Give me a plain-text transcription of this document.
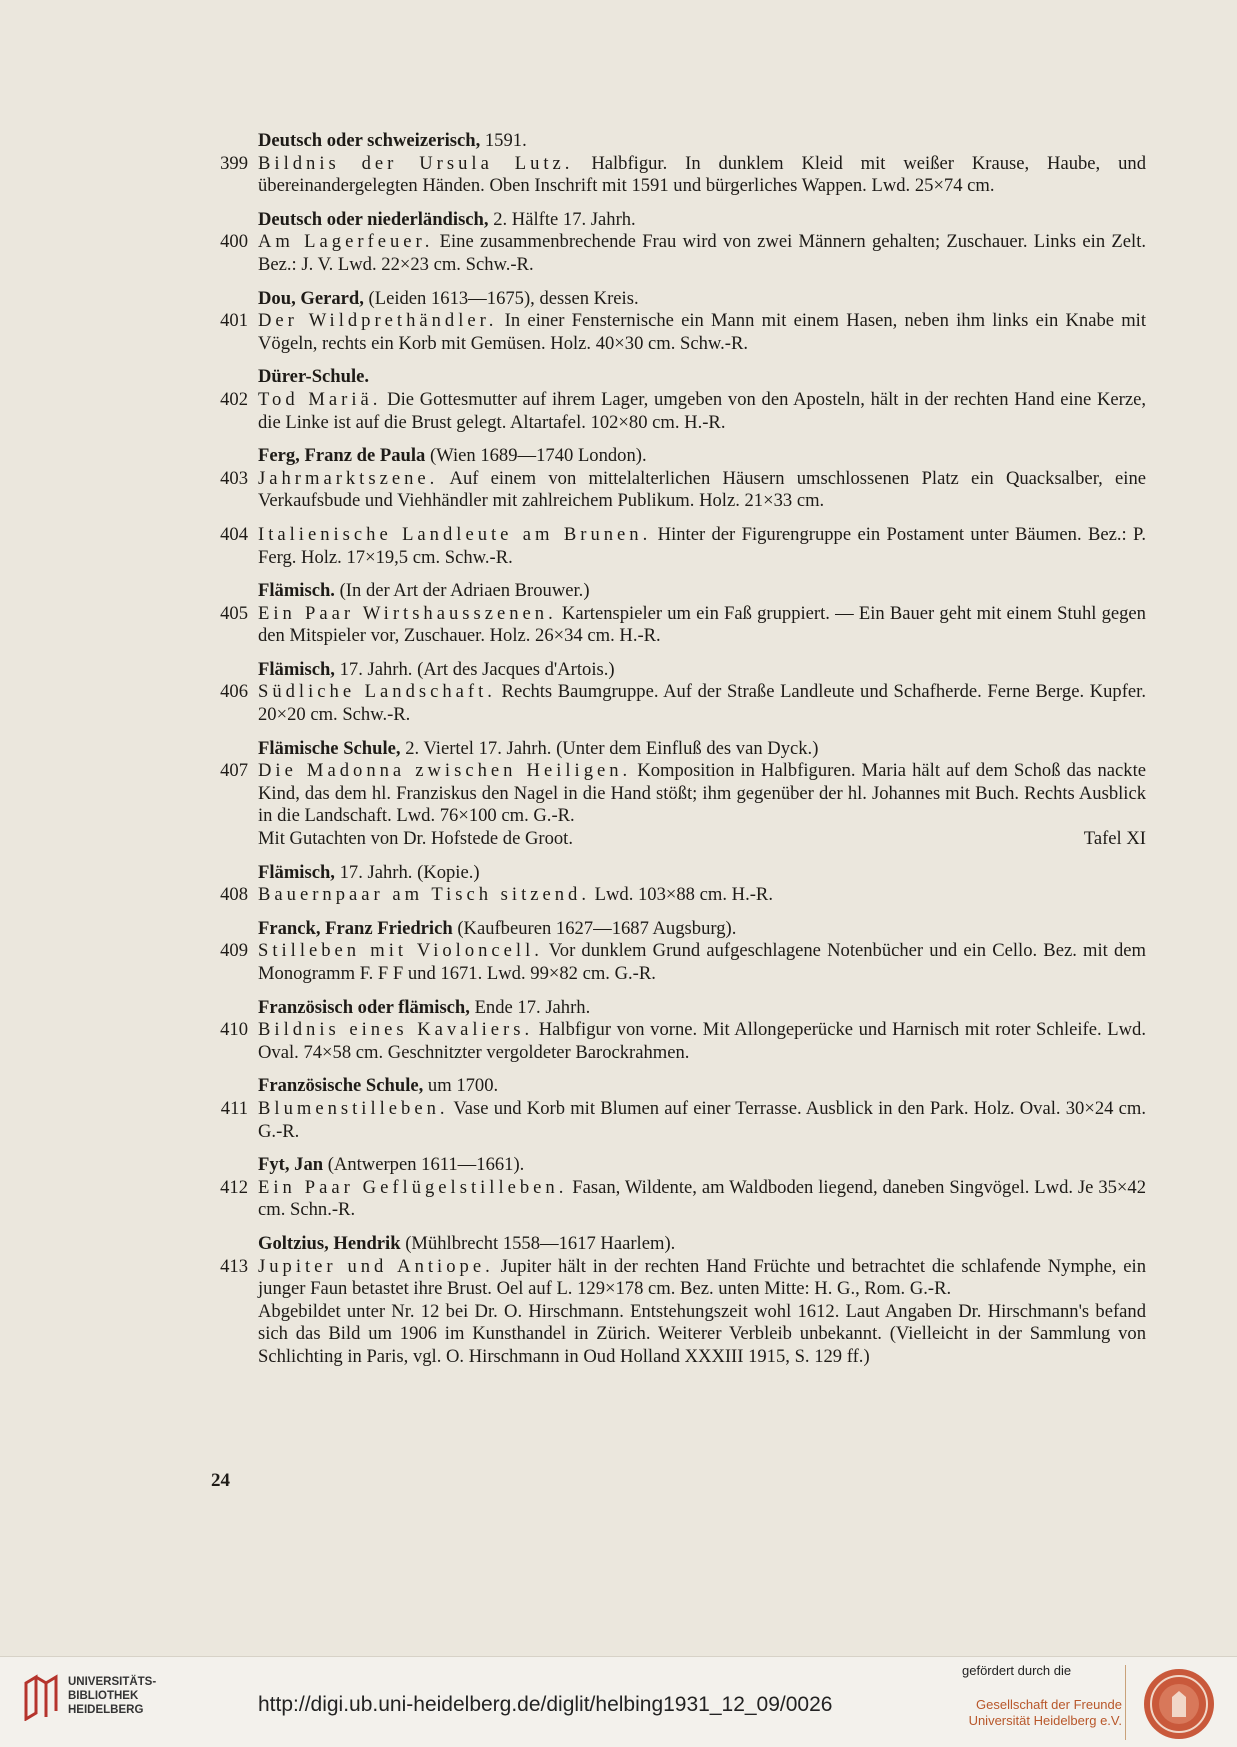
Deutsch oder schweizerisch, 1591.
399 Bildnis der Ursula Lutz. Halbfigur. In dunklem Kleid mit weißer Krause, Haube, und übereinandergelegten Händen. Oben Inschrift mit 1591 und bürgerliches Wappen. Lwd. 25×74 cm.
Deutsch oder niederländisch, 2. Hälfte 17. Jahrh.
400 Am Lagerfeuer. Eine zusammenbrechende Frau wird von zwei Männern gehalten; Zuschauer. Links ein Zelt. Bez.: J. V. Lwd. 22×23 cm. Schw.-R.
Dou, Gerard, (Leiden 1613—1675), dessen Kreis.
401 Der Wildprethändler. In einer Fensternische ein Mann mit einem Hasen, neben ihm links ein Knabe mit Vögeln, rechts ein Korb mit Gemüsen. Holz. 40×30 cm. Schw.-R.
Dürer-Schule.
402 Tod Mariä. Die Gottesmutter auf ihrem Lager, umgeben von den Aposteln, hält in der rechten Hand eine Kerze, die Linke ist auf die Brust gelegt. Altartafel. 102×80 cm. H.-R.
Ferg, Franz de Paula (Wien 1689—1740 London).
403 Jahrmarktszene. Auf einem von mittelalterlichen Häusern umschlossenen Platz ein Quacksalber, eine Verkaufsbude und Viehhändler mit zahlreichem Publikum. Holz. 21×33 cm.
404 Italienische Landleute am Brunen. Hinter der Figurengruppe ein Postament unter Bäumen. Bez.: P. Ferg. Holz. 17×19,5 cm. Schw.-R.
Flämisch. (In der Art der Adriaen Brouwer.)
405 Ein Paar Wirtshausszenen. Kartenspieler um ein Faß gruppiert. — Ein Bauer geht mit einem Stuhl gegen den Mitspieler vor, Zuschauer. Holz. 26×34 cm. H.-R.
Flämisch, 17. Jahrh. (Art des Jacques d'Artois.)
406 Südliche Landschaft. Rechts Baumgruppe. Auf der Straße Landleute und Schafherde. Ferne Berge. Kupfer. 20×20 cm. Schw.-R.
Flämische Schule, 2. Viertel 17. Jahrh. (Unter dem Einfluß des van Dyck.)
407 Die Madonna zwischen Heiligen. Komposition in Halbfiguren. Maria hält auf dem Schoß das nackte Kind, das dem hl. Franziskus den Nagel in die Hand stößt; ihm gegenüber der hl. Johannes mit Buch. Rechts Ausblick in die Landschaft. Lwd. 76×100 cm. G.-R.
Tafel XI
Mit Gutachten von Dr. Hofstede de Groot.
Flämisch, 17. Jahrh. (Kopie.)
408 Bauernpaar am Tisch sitzend. Lwd. 103×88 cm. H.-R.
Franck, Franz Friedrich (Kaufbeuren 1627—1687 Augsburg).
409 Stilleben mit Violoncell. Vor dunklem Grund aufgeschlagene Notenbücher und ein Cello. Bez. mit dem Monogramm F. F F und 1671. Lwd. 99×82 cm. G.-R.
Französisch oder flämisch, Ende 17. Jahrh.
410 Bildnis eines Kavaliers. Halbfigur von vorne. Mit Allongeperücke und Harnisch mit roter Schleife. Lwd. Oval. 74×58 cm. Geschnitzter vergoldeter Barockrahmen.
Französische Schule, um 1700.
411 Blumenstilleben. Vase und Korb mit Blumen auf einer Terrasse. Ausblick in den Park. Holz. Oval. 30×24 cm. G.-R.
Fyt, Jan (Antwerpen 1611—1661).
412 Ein Paar Geflügelstilleben. Fasan, Wildente, am Waldboden liegend, daneben Singvögel. Lwd. Je 35×42 cm. Schn.-R.
Goltzius, Hendrik (Mühlbrecht 1558—1617 Haarlem).
413 Jupiter und Antiope. Jupiter hält in der rechten Hand Früchte und betrachtet die schlafende Nymphe, ein junger Faun betastet ihre Brust. Oel auf L. 129×178 cm. Bez. unten Mitte: H. G., Rom. G.-R.
Abgebildet unter Nr. 12 bei Dr. O. Hirschmann. Entstehungszeit wohl 1612. Laut Angaben Dr. Hirschmann's befand sich das Bild um 1906 im Kunsthandel in Zürich. Weiterer Verbleib unbekannt. (Vielleicht in der Sammlung von Schlichting in Paris, vgl. O. Hirschmann in Oud Holland XXXIII 1915, S. 129 ff.)
24
UNIVERSITÄTS-
BIBLIOTHEK
HEIDELBERG	http://digi.ub.uni-heidelberg.de/diglit/helbing1931_12_09/0026
gefördert durch die
Gesellschaft der Freunde
Universität Heidelberg e.V.
